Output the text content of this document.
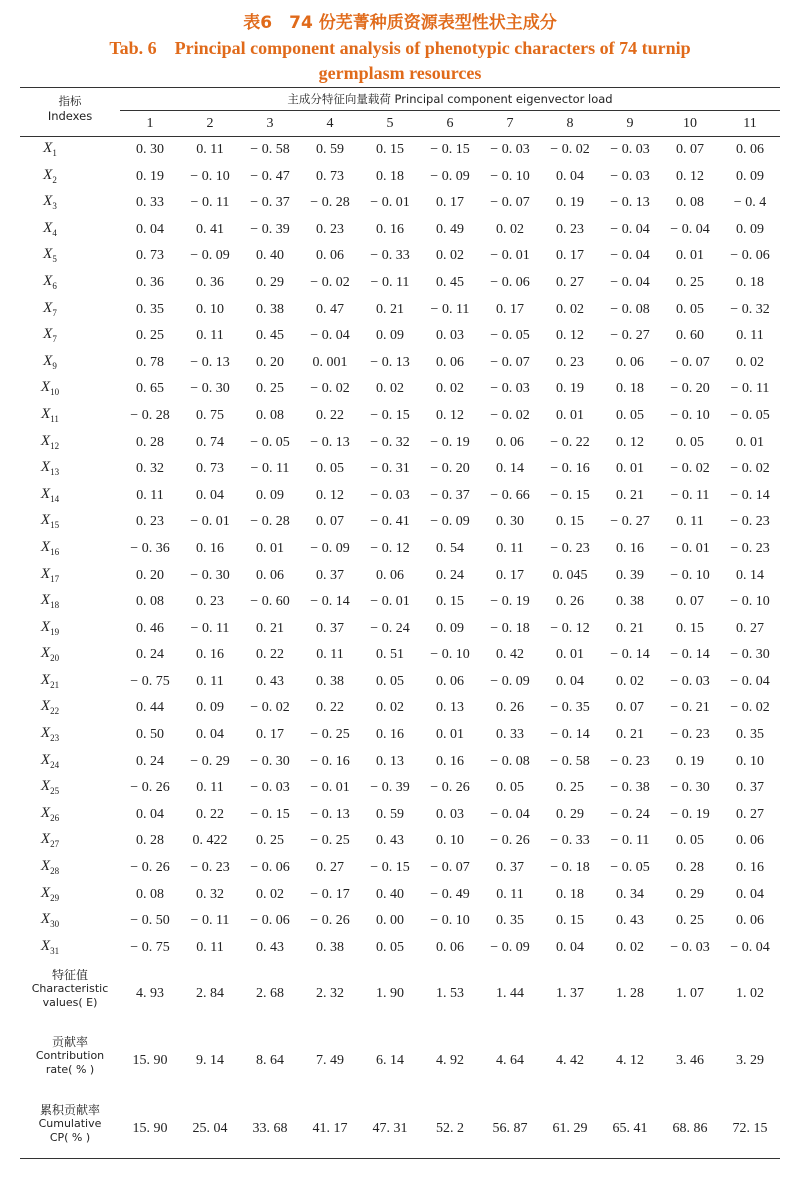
表6　74 份芜菁种质资源表型性状主成分
Tab. 6　Principal component analysis of phenotypic characters of 74 turnip germplasm resources
指标
Indexes
主成分特征向量载荷 Principal component eigenvector load
1	2	3	4	5	6	7	8	9	10	11
$X_1$	0. 30	0. 11	− 0. 58	0. 59	0. 15	− 0. 15	− 0. 03	− 0. 02	− 0. 03	0. 07	0. 06
$X_2$	0. 19	− 0. 10	− 0. 47	0. 73	0. 18	− 0. 09	− 0. 10	0. 04	− 0. 03	0. 12	0. 09
$X_3$	0. 33	− 0. 11	− 0. 37	− 0. 28	− 0. 01	0. 17	− 0. 07	0. 19	− 0. 13	0. 08	− 0. 4
$X_4$	0. 04	0. 41	− 0. 39	0. 23	0. 16	0. 49	0. 02	0. 23	− 0. 04	− 0. 04	0. 09
$X_5$	0. 73	− 0. 09	0. 40	0. 06	− 0. 33	0. 02	− 0. 01	0. 17	− 0. 04	0. 01	− 0. 06
$X_6$	0. 36	0. 36	0. 29	− 0. 02	− 0. 11	0. 45	− 0. 06	0. 27	− 0. 04	0. 25	0. 18
$X_7$	0. 35	0. 10	0. 38	0. 47	0. 21	− 0. 11	0. 17	0. 02	− 0. 08	0. 05	− 0. 32
$X_7$	0. 25	0. 11	0. 45	− 0. 04	0. 09	0. 03	− 0. 05	0. 12	− 0. 27	0. 60	0. 11
$X_9$	0. 78	− 0. 13	0. 20	0. 001	− 0. 13	0. 06	− 0. 07	0. 23	0. 06	− 0. 07	0. 02
$X_{10}$	0. 65	− 0. 30	0. 25	− 0. 02	0. 02	0. 02	− 0. 03	0. 19	0. 18	− 0. 20	− 0. 11
$X_{11}$	− 0. 28	0. 75	0. 08	0. 22	− 0. 15	0. 12	− 0. 02	0. 01	0. 05	− 0. 10	− 0. 05
$X_{12}$	0. 28	0. 74	− 0. 05	− 0. 13	− 0. 32	− 0. 19	0. 06	− 0. 22	0. 12	0. 05	0. 01
$X_{13}$	0. 32	0. 73	− 0. 11	0. 05	− 0. 31	− 0. 20	0. 14	− 0. 16	0. 01	− 0. 02	− 0. 02
$X_{14}$	0. 11	0. 04	0. 09	0. 12	− 0. 03	− 0. 37	− 0. 66	− 0. 15	0. 21	− 0. 11	− 0. 14
$X_{15}$	0. 23	− 0. 01	− 0. 28	0. 07	− 0. 41	− 0. 09	0. 30	0. 15	− 0. 27	0. 11	− 0. 23
$X_{16}$	− 0. 36	0. 16	0. 01	− 0. 09	− 0. 12	0. 54	0. 11	− 0. 23	0. 16	− 0. 01	− 0. 23
$X_{17}$	0. 20	− 0. 30	0. 06	0. 37	0. 06	0. 24	0. 17	0. 045	0. 39	− 0. 10	0. 14
$X_{18}$	0. 08	0. 23	− 0. 60	− 0. 14	− 0. 01	0. 15	− 0. 19	0. 26	0. 38	0. 07	− 0. 10
$X_{19}$	0. 46	− 0. 11	0. 21	0. 37	− 0. 24	0. 09	− 0. 18	− 0. 12	0. 21	0. 15	0. 27
$X_{20}$	0. 24	0. 16	0. 22	0. 11	0. 51	− 0. 10	0. 42	0. 01	− 0. 14	− 0. 14	− 0. 30
$X_{21}$	− 0. 75	0. 11	0. 43	0. 38	0. 05	0. 06	− 0. 09	0. 04	0. 02	− 0. 03	− 0. 04
$X_{22}$	0. 44	0. 09	− 0. 02	0. 22	0. 02	0. 13	0. 26	− 0. 35	0. 07	− 0. 21	− 0. 02
$X_{23}$	0. 50	0. 04	0. 17	− 0. 25	0. 16	0. 01	0. 33	− 0. 14	0. 21	− 0. 23	0. 35
$X_{24}$	0. 24	− 0. 29	− 0. 30	− 0. 16	0. 13	0. 16	− 0. 08	− 0. 58	− 0. 23	0. 19	0. 10
$X_{25}$	− 0. 26	0. 11	− 0. 03	− 0. 01	− 0. 39	− 0. 26	0. 05	0. 25	− 0. 38	− 0. 30	0. 37
$X_{26}$	0. 04	0. 22	− 0. 15	− 0. 13	0. 59	0. 03	− 0. 04	0. 29	− 0. 24	− 0. 19	0. 27
$X_{27}$	0. 28	0. 422	0. 25	− 0. 25	0. 43	0. 10	− 0. 26	− 0. 33	− 0. 11	0. 05	0. 06
$X_{28}$	− 0. 26	− 0. 23	− 0. 06	0. 27	− 0. 15	− 0. 07	0. 37	− 0. 18	− 0. 05	0. 28	0. 16
$X_{29}$	0. 08	0. 32	0. 02	− 0. 17	0. 40	− 0. 49	0. 11	0. 18	0. 34	0. 29	0. 04
$X_{30}$	− 0. 50	− 0. 11	− 0. 06	− 0. 26	0. 00	− 0. 10	0. 35	0. 15	0. 43	0. 25	0. 06
$X_{31}$	− 0. 75	0. 11	0. 43	0. 38	0. 05	0. 06	− 0. 09	0. 04	0. 02	− 0. 03	− 0. 04
特征值
Characteristic
values( E)
4. 93	2. 84	2. 68	2. 32	1. 90	1. 53	1. 44	1. 37	1. 28	1. 07	1. 02
贡献率
Contribution
rate( % )
15. 90	9. 14	8. 64	7. 49	6. 14	4. 92	4. 64	4. 42	4. 12	3. 46	3. 29
累积贡献率
Cumulative
CP( % )
15. 90	25. 04	33. 68	41. 17	47. 31	52. 2	56. 87	61. 29	65. 41	68. 86	72. 15
